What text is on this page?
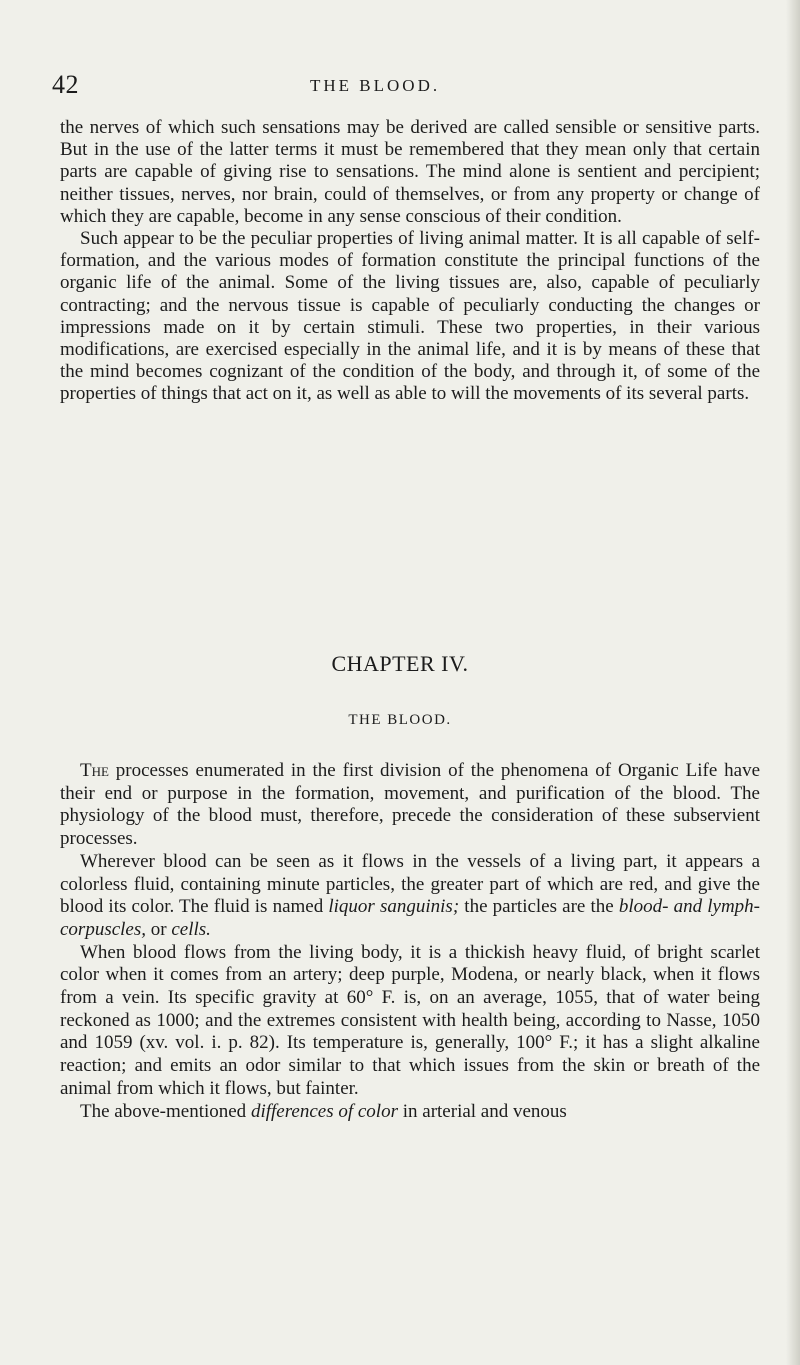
42	THE BLOOD.

the nerves of which such sensations may be derived are called sensible or sensitive parts. But in the use of the latter terms it must be remembered that they mean only that certain parts are capable of giving rise to sensations. The mind alone is sentient and percipient; neither tissues, nerves, nor brain, could of themselves, or from any property or change of which they are capable, become in any sense conscious of their condition.

Such appear to be the peculiar properties of living animal matter. It is all capable of self-formation, and the various modes of formation constitute the principal functions of the organic life of the animal. Some of the living tissues are, also, capable of peculiarly contracting; and the nervous tissue is capable of peculiarly conducting the changes or impressions made on it by certain stimuli. These two properties, in their various modifications, are exercised especially in the animal life, and it is by means of these that the mind becomes cognizant of the condition of the body, and through it, of some of the properties of things that act on it, as well as able to will the movements of its several parts.

CHAPTER IV.
THE BLOOD.

The processes enumerated in the first division of the phenomena of Organic Life have their end or purpose in the formation, movement, and purification of the blood. The physiology of the blood must, therefore, precede the consideration of these subservient processes.

Wherever blood can be seen as it flows in the vessels of a living part, it appears a colorless fluid, containing minute particles, the greater part of which are red, and give the blood its color. The fluid is named liquor sanguinis; the particles are the blood- and lymph-corpuscles, or cells.

When blood flows from the living body, it is a thickish heavy fluid, of bright scarlet color when it comes from an artery; deep purple, Modena, or nearly black, when it flows from a vein. Its specific gravity at 60° F. is, on an average, 1055, that of water being reckoned as 1000; and the extremes consistent with health being, according to Nasse, 1050 and 1059 (xv. vol. i. p. 82). Its temperature is, generally, 100° F.; it has a slight alkaline reaction; and emits an odor similar to that which issues from the skin or breath of the animal from which it flows, but fainter.

The above-mentioned differences of color in arterial and venous
